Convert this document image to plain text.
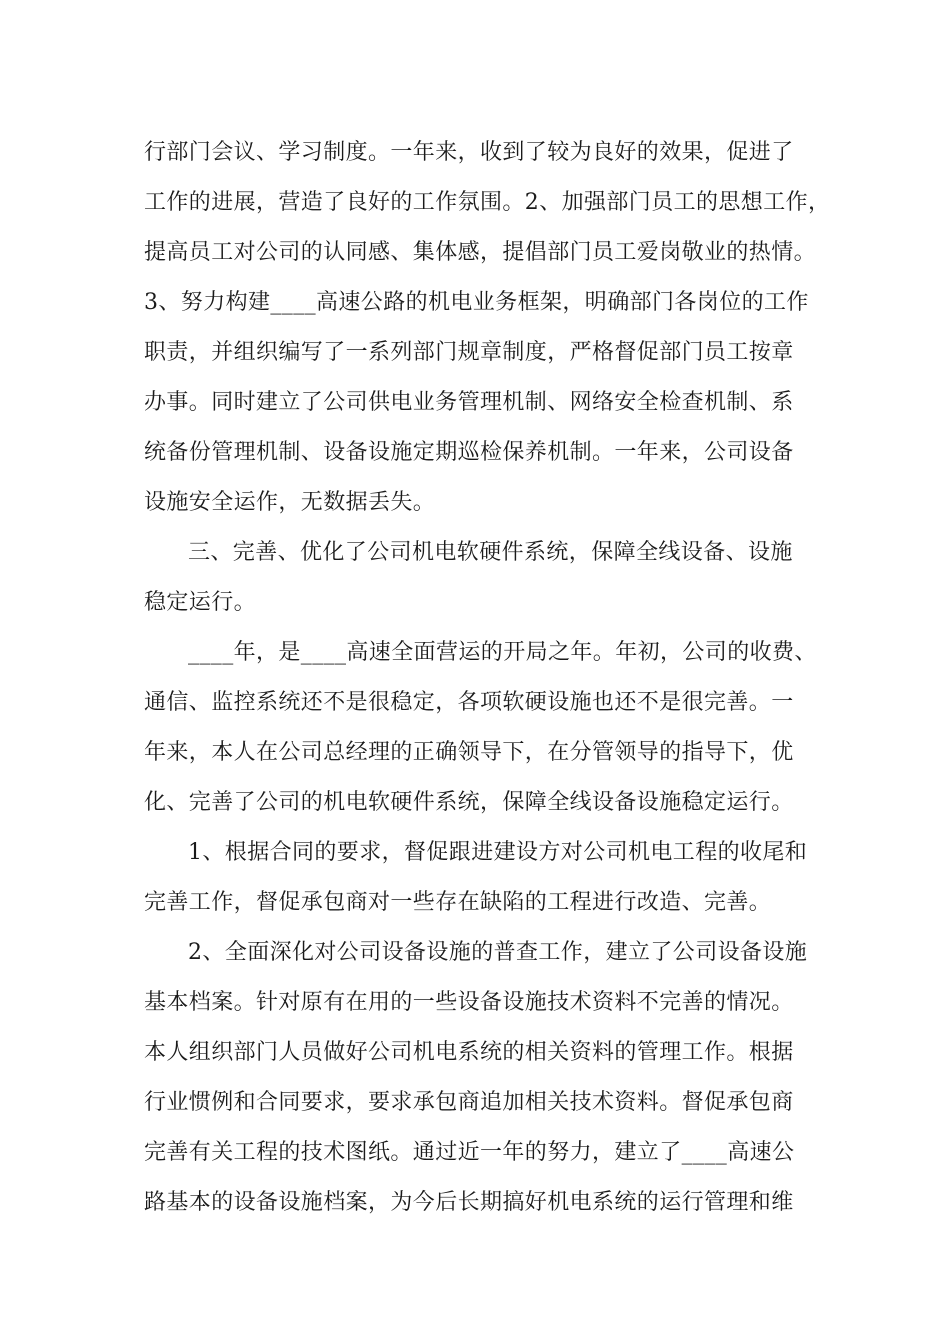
行部门会议、学习制度。一年来，收到了较为良好的效果，促进了
工作的进展，营造了良好的工作氛围。2、加强部门员工的思想工作，
提高员工对公司的认同感、集体感，提倡部门员工爱岗敬业的热情。
3、努力构建____高速公路的机电业务框架，明确部门各岗位的工作
职责，并组织编写了一系列部门规章制度，严格督促部门员工按章
办事。同时建立了公司供电业务管理机制、网络安全检查机制、系
统备份管理机制、设备设施定期巡检保养机制。一年来，公司设备
设施安全运作，无数据丢失。
三、完善、优化了公司机电软硬件系统，保障全线设备、设施
稳定运行。
____年，是____高速全面营运的开局之年。年初，公司的收费、
通信、监控系统还不是很稳定，各项软硬设施也还不是很完善。一
年来，本人在公司总经理的正确领导下，在分管领导的指导下，优
化、完善了公司的机电软硬件系统，保障全线设备设施稳定运行。
1、根据合同的要求，督促跟进建设方对公司机电工程的收尾和
完善工作，督促承包商对一些存在缺陷的工程进行改造、完善。
2、全面深化对公司设备设施的普查工作，建立了公司设备设施
基本档案。针对原有在用的一些设备设施技术资料不完善的情况。
本人组织部门人员做好公司机电系统的相关资料的管理工作。根据
行业惯例和合同要求，要求承包商追加相关技术资料。督促承包商
完善有关工程的技术图纸。通过近一年的努力，建立了____高速公
路基本的设备设施档案，为今后长期搞好机电系统的运行管理和维
